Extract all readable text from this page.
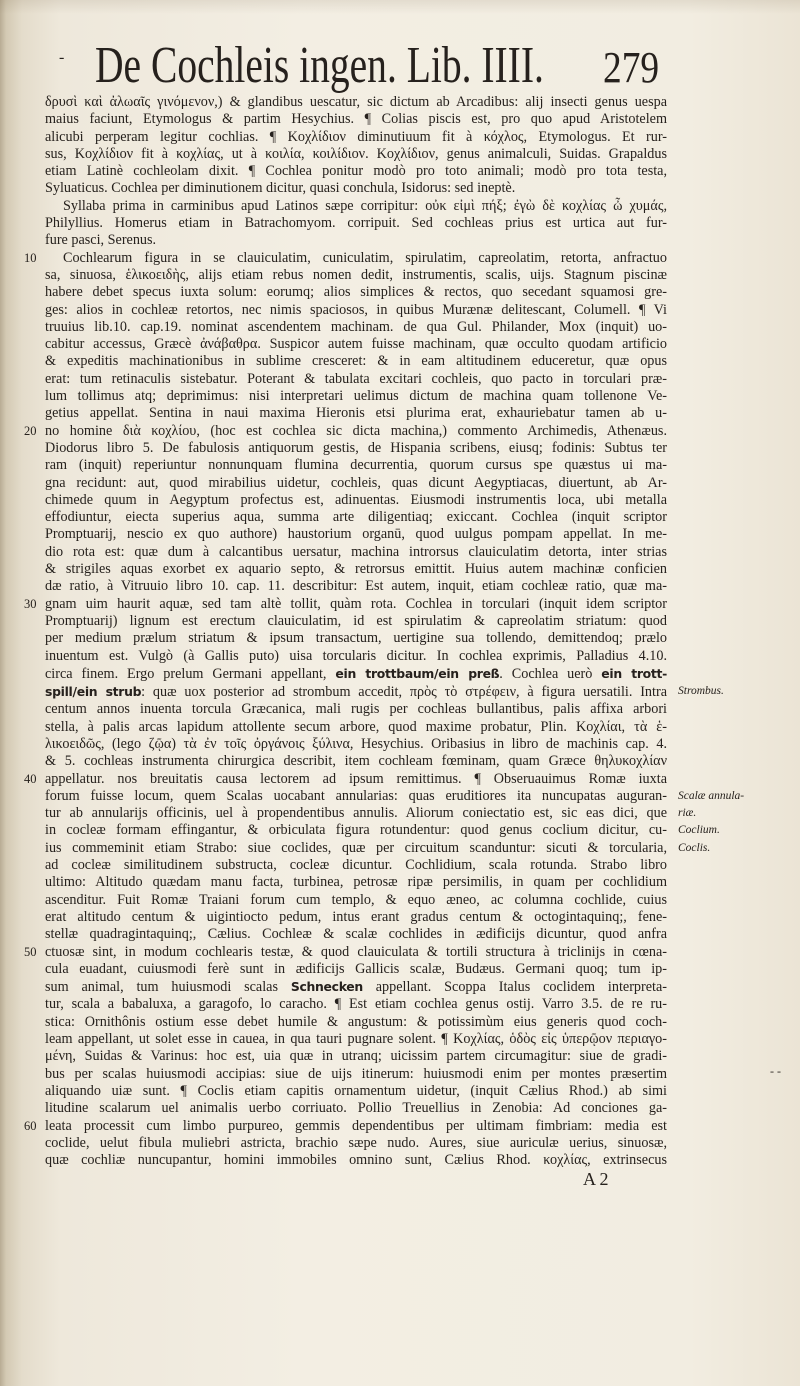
- De Cochleis ingen. Lib. IIII. 279
δρυσὶ καὶ ἀλωαῖς γινόμενον,) & glandibus uescatur, sic dictum ab Arcadibus: alij insecti genus uespa
maius faciunt, Etymologus & partim Hesychius. ¶ Colias piscis est, pro quo apud Aristotelem
alicubi perperam legitur cochlias. ¶ Κοχλίδιον diminutiuum fit à κόχλος, Etymologus. Et rur-
sus, Κοχλίδιον fit à κοχλίας, ut à κοιλία, κοιλίδιον. Κοχλίδιον, genus animalculi, Suidas. Grapaldus
etiam Latinè cochleolam dixit. ¶ Cochlea ponitur modò pro toto animali; modò pro tota testa,
Syluaticus. Cochlea per diminutionem dicitur, quasi conchula, Isidorus: sed ineptè.
Syllaba prima in carminibus apud Latinos sæpe corripitur: οὐκ εἰμὶ πήξ; ἐγὼ δὲ κοχλίας ὦ χυμάς,
Philyllius. Homerus etiam in Batrachomyom. corripuit. Sed cochleas prius est urtica aut fur-
fure pasci, Serenus.
Cochlearum figura in se clauiculatim, cuniculatim, spirulatim, capreolatim, retorta, anfractuo
10
sa, sinuosa, ἑλικοειδὴς, alijs etiam rebus nomen dedit, instrumentis, scalis, uijs. Stagnum piscinæ
habere debet specus iuxta solum: eorumq; alios simplices & rectos, quo secedant squamosi gre-
ges: alios in cochleæ retortos, nec nimis spaciosos, in quibus Murænæ delitescant, Columell. ¶ Vi
truuius lib.10. cap.19. nominat ascendentem machinam. de qua Gul. Philander, Mox (inquit) uo-
cabitur accessus, Græcè ἀνάβαθρα. Suspicor autem fuisse machinam, quæ occulto quodam artificio
& expeditis machinationibus in sublime cresceret: & in eam altitudinem educeretur, quæ opus
erat: tum retinaculis sistebatur. Poterant & tabulata excitari cochleis, quo pacto in torculari præ-
lum tollimus atq; deprimimus: nisi interpretari uelimus dictum de machina quam tollenone Ve-
getius appellat. Sentina in naui maxima Hieronis etsi plurima erat, exhauriebatur tamen ab u-
no homine διὰ κοχλίου, (hoc est cochlea sic dicta machina,) commento Archimedis, Athenæus.
20
Diodorus libro 5. De fabulosis antiquorum gestis, de Hispania scribens, eiusq; fodinis: Subtus ter
ram (inquit) reperiuntur nonnunquam flumina decurrentia, quorum cursus spe quæstus ui ma-
gna recidunt: aut, quod mirabilius uidetur, cochleis, quas dicunt Aegyptiacas, diuertunt, ab Ar-
chimede quum in Aegyptum profectus est, adinuentas. Eiusmodi instrumentis loca, ubi metalla
effodiuntur, eiecta superius aqua, summa arte diligentiaq; exiccant. Cochlea (inquit scriptor
Promptuarij, nescio ex quo authore) haustorium organū, quod uulgus pompam appellat. In me-
dio rota est: quæ dum à calcantibus uersatur, machina introrsus clauiculatim detorta, inter strias
& strigiles aquas exorbet ex aquario septo, & retrorsus emittit. Huius autem machinæ conficien
dæ ratio, à Vitruuio libro 10. cap. 11. describitur: Est autem, inquit, etiam cochleæ ratio, quæ ma-
gnam uim haurit aquæ, sed tam altè tollit, quàm rota. Cochlea in torculari (inquit idem scriptor
30
Promptuarij) lignum est erectum clauiculatim, id est spirulatim & capreolatim striatum: quod
per medium prælum striatum & ipsum transactum, uertigine sua tollendo, demittendoq; prælo
inuentum est. Vulgò (à Gallis puto) uisa torcularis dicitur. In cochlea exprimis, Palladius 4.10.
circa finem. Ergo prelum Germani appellant, ein trottbaum/ein preß. Cochlea uerò ein trott-
spill/ein strub: quæ uox posterior ad strombum accedit, πρὸς τὸ στρέφειν, à figura uersatili. Intra Strombus.
centum annos inuenta torcula Græcanica, mali rugis per cochleas bullantibus, palis affixa arbori
stella, à palis arcas lapidum attollente secum arbore, quod maxime probatur, Plin. Κοχλίαι, τὰ ἑ-
λικοειδῶς, (lego ζῷα) τὰ ἐν τοῖς ὀργάνοις ξύλινα, Hesychius. Oribasius in libro de machinis cap. 4.
& 5. cochleas instrumenta chirurgica describit, item cochleam fœminam, quam Græce θηλυκοχλίαν
appellatur. nos breuitatis causa lectorem ad ipsum remittimus. ¶ Obseruauimus Romæ iuxta
40
forum fuisse locum, quem Scalas uocabant annularias: quas eruditiores ita nuncupatas auguran- Scalæ annula-
tur ab annularijs officinis, uel à propendentibus annulis. Aliorum coniectatio est, sic eas dici, que riæ.
in cocleæ formam effingantur, & orbiculata figura rotundentur: quod genus coclium dicitur, cu- Coclium.
ius commeminit etiam Strabo: siue coclides, quæ per circuitum scanduntur: sicuti & torcularia, Coclis.
ad cocleæ similitudinem substructa, cocleæ dicuntur. Cochlidium, scala rotunda. Strabo libro
ultimo: Altitudo quædam manu facta, turbinea, petrosæ ripæ persimilis, in quam per cochlidium
ascenditur. Fuit Romæ Traiani forum cum templo, & equo æneo, ac columna cochlide, cuius
erat altitudo centum & uigintiocto pedum, intus erant gradus centum & octogintaquinq;, fene-
stellæ quadragintaquinq;, Cælius. Cochleæ & scalæ cochlides in ædificijs dicuntur, quod anfra
ctuosæ sint, in modum cochlearis testæ, & quod clauiculata & tortili structura à triclinijs in cœna-
50
cula euadant, cuiusmodi ferè sunt in ædificijs Gallicis scalæ, Budæus. Germani quoq; tum ip-
sum animal, tum huiusmodi scalas Schnecken appellant. Scoppa Italus coclidem interpreta-
tur, scala a babaluxa, a garagofo, lo caracho. ¶ Est etiam cochlea genus ostij. Varro 3.5. de re ru-
stica: Ornithônis ostium esse debet humile & angustum: & potissimùm eius generis quod coch-
leam appellant, ut solet esse in cauea, in qua tauri pugnare solent. ¶ Κοχλίας, ὁδὸς εἰς ὑπερῷον περιαγο-
μένη, Suidas & Varinus: hoc est, uia quæ in utranq; uicissim partem circumagitur: siue de gradi-
bus per scalas huiusmodi accipias: siue de uijs itinerum: huiusmodi enim per montes præsertim
aliquando uiæ sunt. ¶ Coclis etiam capitis ornamentum uidetur, (inquit Cælius Rhod.) ab simi
litudine scalarum uel animalis uerbo corriuato. Pollio Treuellius in Zenobia: Ad conciones ga-
leata processit cum limbo purpureo, gemmis dependentibus per ultimam fimbriam: media est
60
coclide, uelut fibula muliebri astricta, brachio sæpe nudo. Aures, siue auriculæ uerius, sinuosæ,
quæ cochliæ nuncupantur, homini immobiles omnino sunt, Cælius Rhod. κοχλίας, extrinsecus
- -
A 2
